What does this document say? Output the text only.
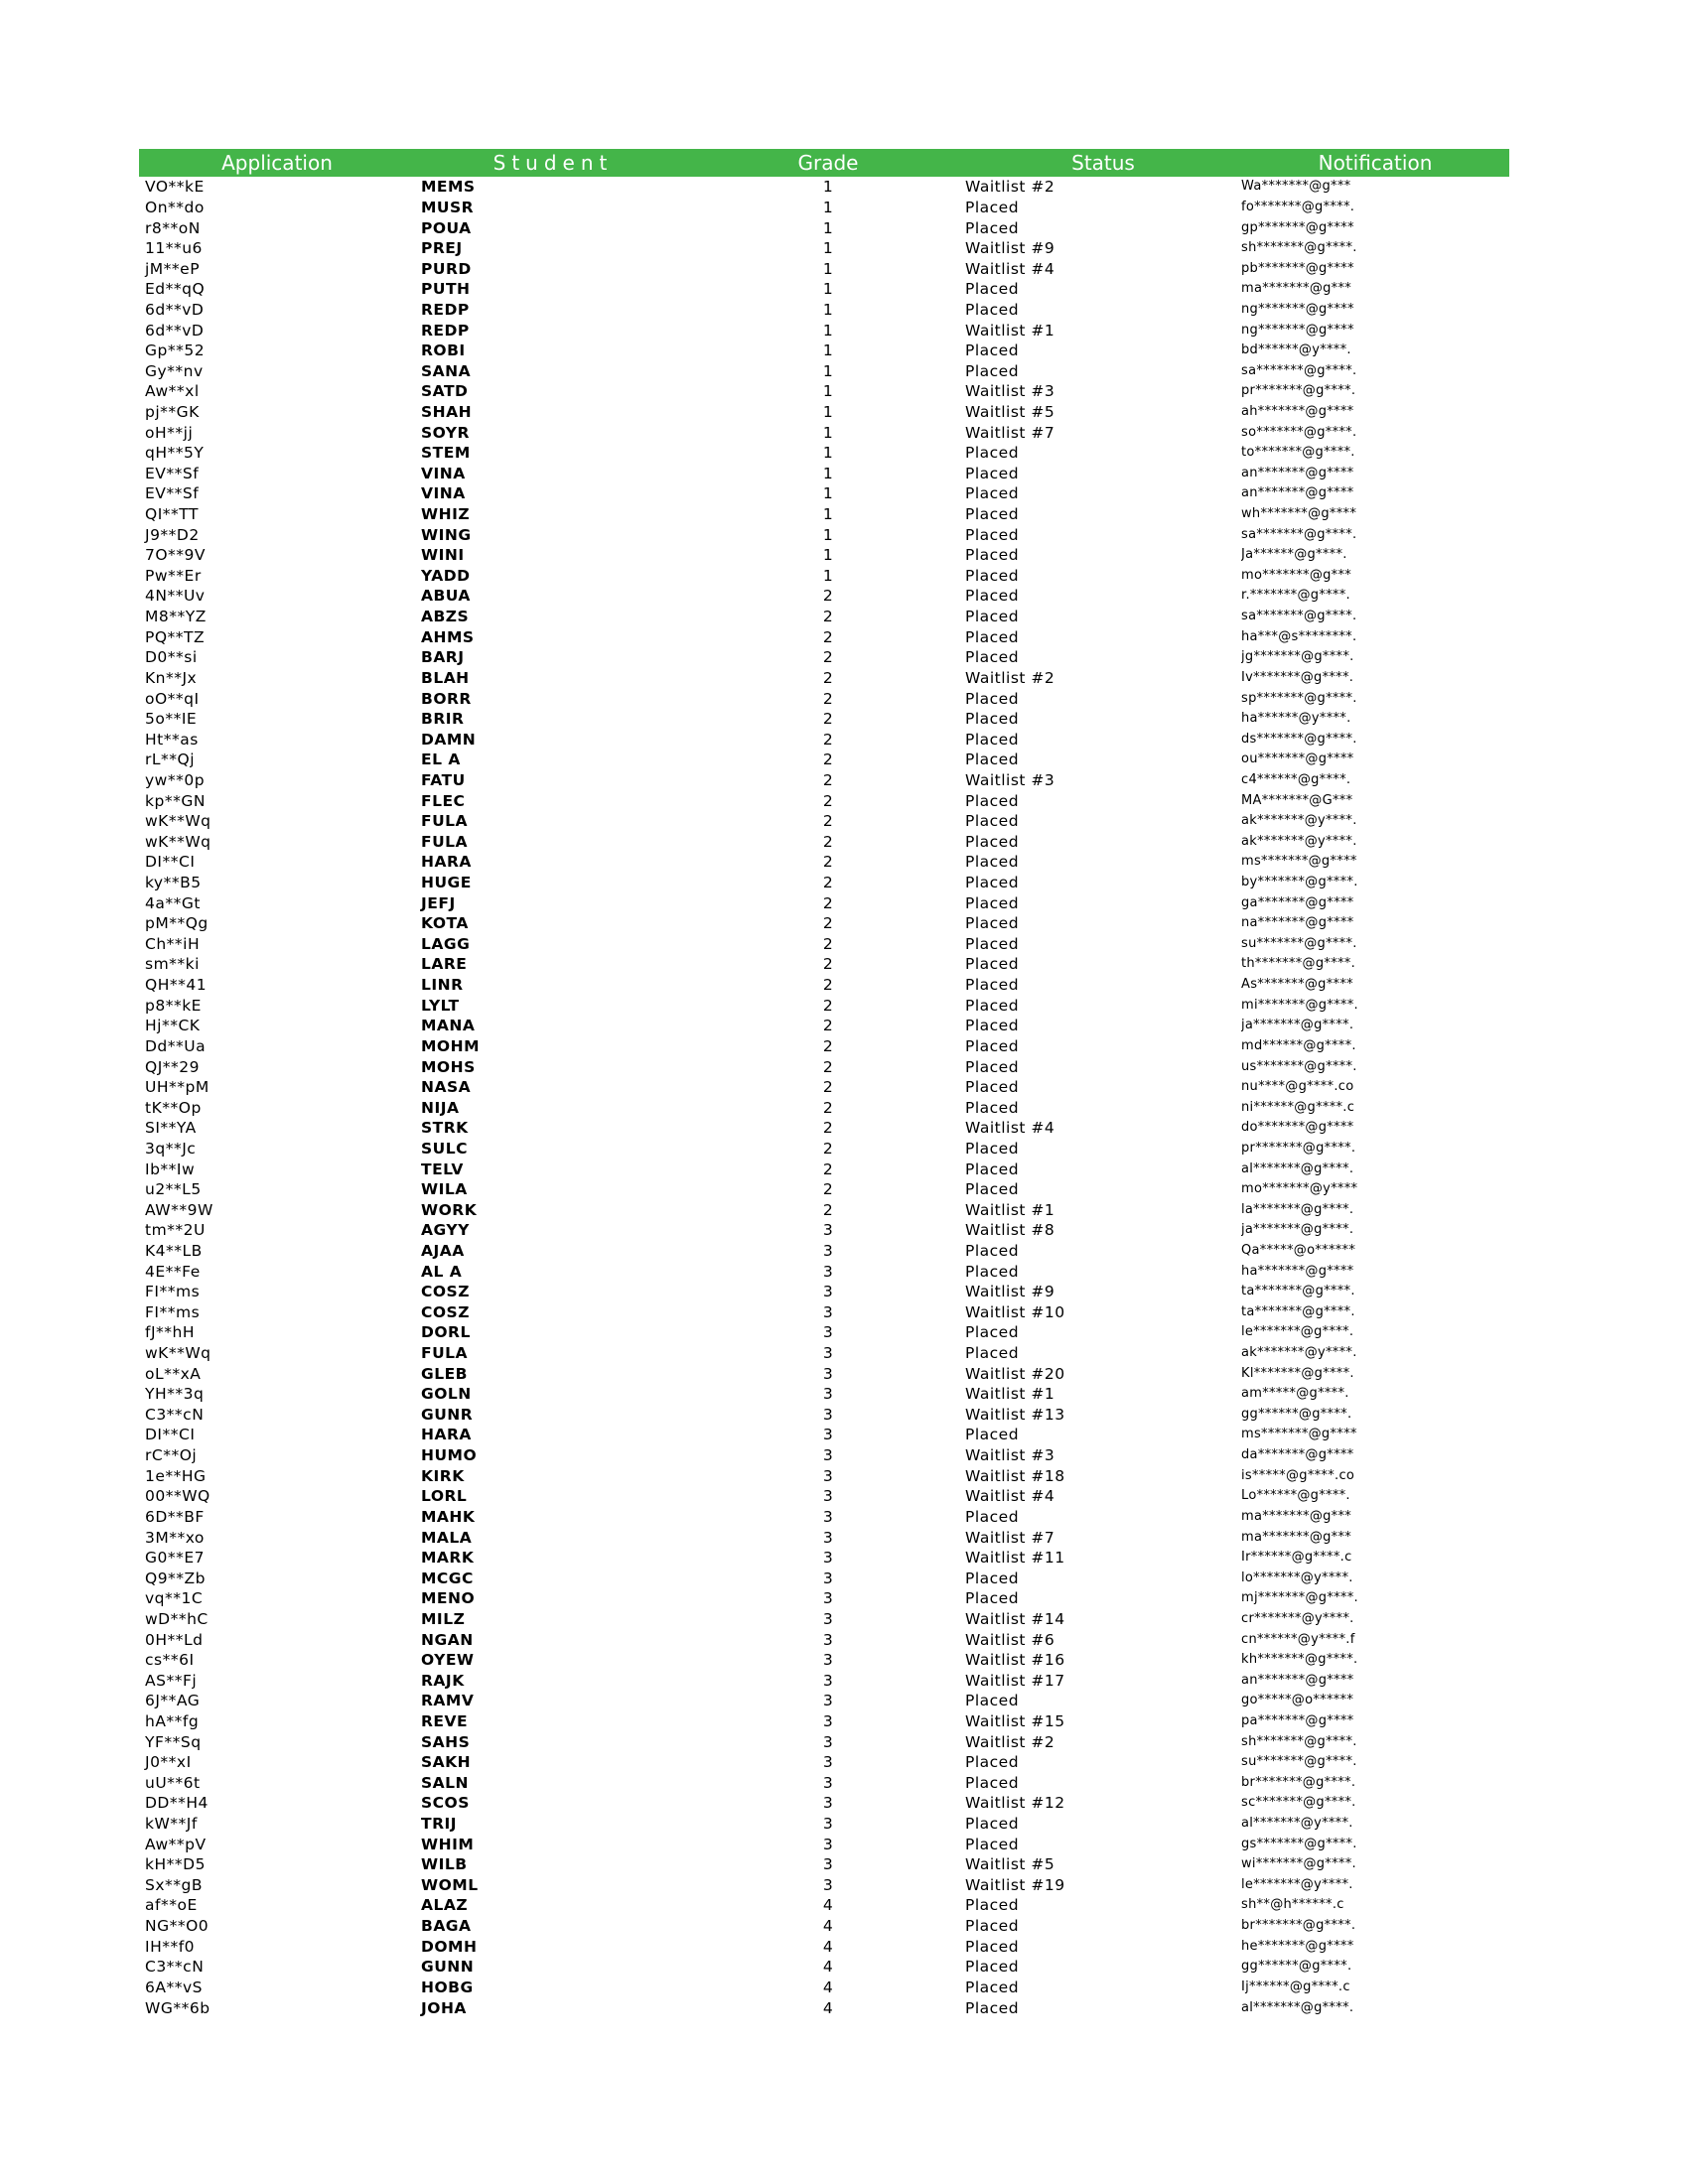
Application	Student	Grade	Status	Notification
VO**kE	MEMS	1	Waitlist #2	Wa*******@g***
On**do	MUSR	1	Placed	fo*******@g****.
r8**oN	POUA	1	Placed	gp*******@g****
11**u6	PREJ	1	Waitlist #9	sh*******@g****.
jM**eP	PURD	1	Waitlist #4	pb*******@g****
Ed**qQ	PUTH	1	Placed	ma*******@g***
6d**vD	REDP	1	Placed	ng*******@g****
6d**vD	REDP	1	Waitlist #1	ng*******@g****
Gp**52	ROBI	1	Placed	bd******@y****.
Gy**nv	SANA	1	Placed	sa*******@g****.
Aw**xl	SATD	1	Waitlist #3	pr*******@g****.
pj**GK	SHAH	1	Waitlist #5	ah*******@g****
oH**jj	SOYR	1	Waitlist #7	so*******@g****.
qH**5Y	STEM	1	Placed	to*******@g****.
EV**Sf	VINA	1	Placed	an*******@g****
EV**Sf	VINA	1	Placed	an*******@g****
QI**TT	WHIZ	1	Placed	wh*******@g****
J9**D2	WING	1	Placed	sa*******@g****.
7O**9V	WINI	1	Placed	Ja******@g****.
Pw**Er	YADD	1	Placed	mo*******@g***
4N**Uv	ABUA	2	Placed	r.*******@g****.
M8**YZ	ABZS	2	Placed	sa*******@g****.
PQ**TZ	AHMS	2	Placed	ha***@s********.
D0**si	BARJ	2	Placed	jg*******@g****.
Kn**Jx	BLAH	2	Waitlist #2	Iv*******@g****.
oO**qI	BORR	2	Placed	sp*******@g****.
5o**IE	BRIR	2	Placed	ha******@y****.
Ht**as	DAMN	2	Placed	ds*******@g****.
rL**Qj	EL A	2	Placed	ou*******@g****
yw**0p	FATU	2	Waitlist #3	c4******@g****.
kp**GN	FLEC	2	Placed	MA*******@G***
wK**Wq	FULA	2	Placed	ak*******@y****.
wK**Wq	FULA	2	Placed	ak*******@y****.
DI**CI	HARA	2	Placed	ms*******@g****
ky**B5	HUGE	2	Placed	by*******@g****.
4a**Gt	JEFJ	2	Placed	ga*******@g****
pM**Qg	KOTA	2	Placed	na*******@g****
Ch**iH	LAGG	2	Placed	su*******@g****.
sm**ki	LARE	2	Placed	th*******@g****.
QH**41	LINR	2	Placed	As*******@g****
p8**kE	LYLT	2	Placed	mi*******@g****.
Hj**CK	MANA	2	Placed	ja*******@g****.
Dd**Ua	MOHM	2	Placed	md******@g****.
QJ**29	MOHS	2	Placed	us*******@g****.
UH**pM	NASA	2	Placed	nu****@g****.co
tK**Op	NIJA	2	Placed	ni******@g****.c
SI**YA	STRK	2	Waitlist #4	do*******@g****
3q**Jc	SULC	2	Placed	pr*******@g****.
Ib**Iw	TELV	2	Placed	al*******@g****.
u2**L5	WILA	2	Placed	mo*******@y****
AW**9W	WORK	2	Waitlist #1	la*******@g****.
tm**2U	AGYY	3	Waitlist #8	ja*******@g****.
K4**LB	AJAA	3	Placed	Qa*****@o******
4E**Fe	AL A	3	Placed	ha*******@g****
FI**ms	COSZ	3	Waitlist #9	ta*******@g****.
FI**ms	COSZ	3	Waitlist #10	ta*******@g****.
fJ**hH	DORL	3	Placed	le*******@g****.
wK**Wq	FULA	3	Placed	ak*******@y****.
oL**xA	GLEB	3	Waitlist #20	Kl*******@g****.
YH**3q	GOLN	3	Waitlist #1	am*****@g****.
C3**cN	GUNR	3	Waitlist #13	gg******@g****.
DI**CI	HARA	3	Placed	ms*******@g****
rC**Oj	HUMO	3	Waitlist #3	da*******@g****
1e**HG	KIRK	3	Waitlist #18	is*****@g****.co
00**WQ	LORL	3	Waitlist #4	Lo******@g****.
6D**BF	MAHK	3	Placed	ma*******@g***
3M**xo	MALA	3	Waitlist #7	ma*******@g***
G0**E7	MARK	3	Waitlist #11	Ir******@g****.c
Q9**Zb	MCGC	3	Placed	lo*******@y****.
vq**1C	MENO	3	Placed	mj*******@g****.
wD**hC	MILZ	3	Waitlist #14	cr*******@y****.
0H**Ld	NGAN	3	Waitlist #6	cn******@y****.f
cs**6I	OYEW	3	Waitlist #16	kh*******@g****.
AS**Fj	RAJK	3	Waitlist #17	an*******@g****
6J**AG	RAMV	3	Placed	go*****@o******
hA**fg	REVE	3	Waitlist #15	pa*******@g****
YF**Sq	SAHS	3	Waitlist #2	sh*******@g****.
J0**xI	SAKH	3	Placed	su*******@g****.
uU**6t	SALN	3	Placed	br*******@g****.
DD**H4	SCOS	3	Waitlist #12	sc*******@g****.
kW**Jf	TRIJ	3	Placed	al*******@y****.
Aw**pV	WHIM	3	Placed	gs*******@g****.
kH**D5	WILB	3	Waitlist #5	wi*******@g****.
Sx**gB	WOML	3	Waitlist #19	le*******@y****.
af**oE	ALAZ	4	Placed	sh**@h******.c
NG**O0	BAGA	4	Placed	br*******@g****.
IH**f0	DOMH	4	Placed	he*******@g****
C3**cN	GUNN	4	Placed	gg******@g****.
6A**vS	HOBG	4	Placed	Ij******@g****.c
WG**6b	JOHA	4	Placed	al*******@g****.
